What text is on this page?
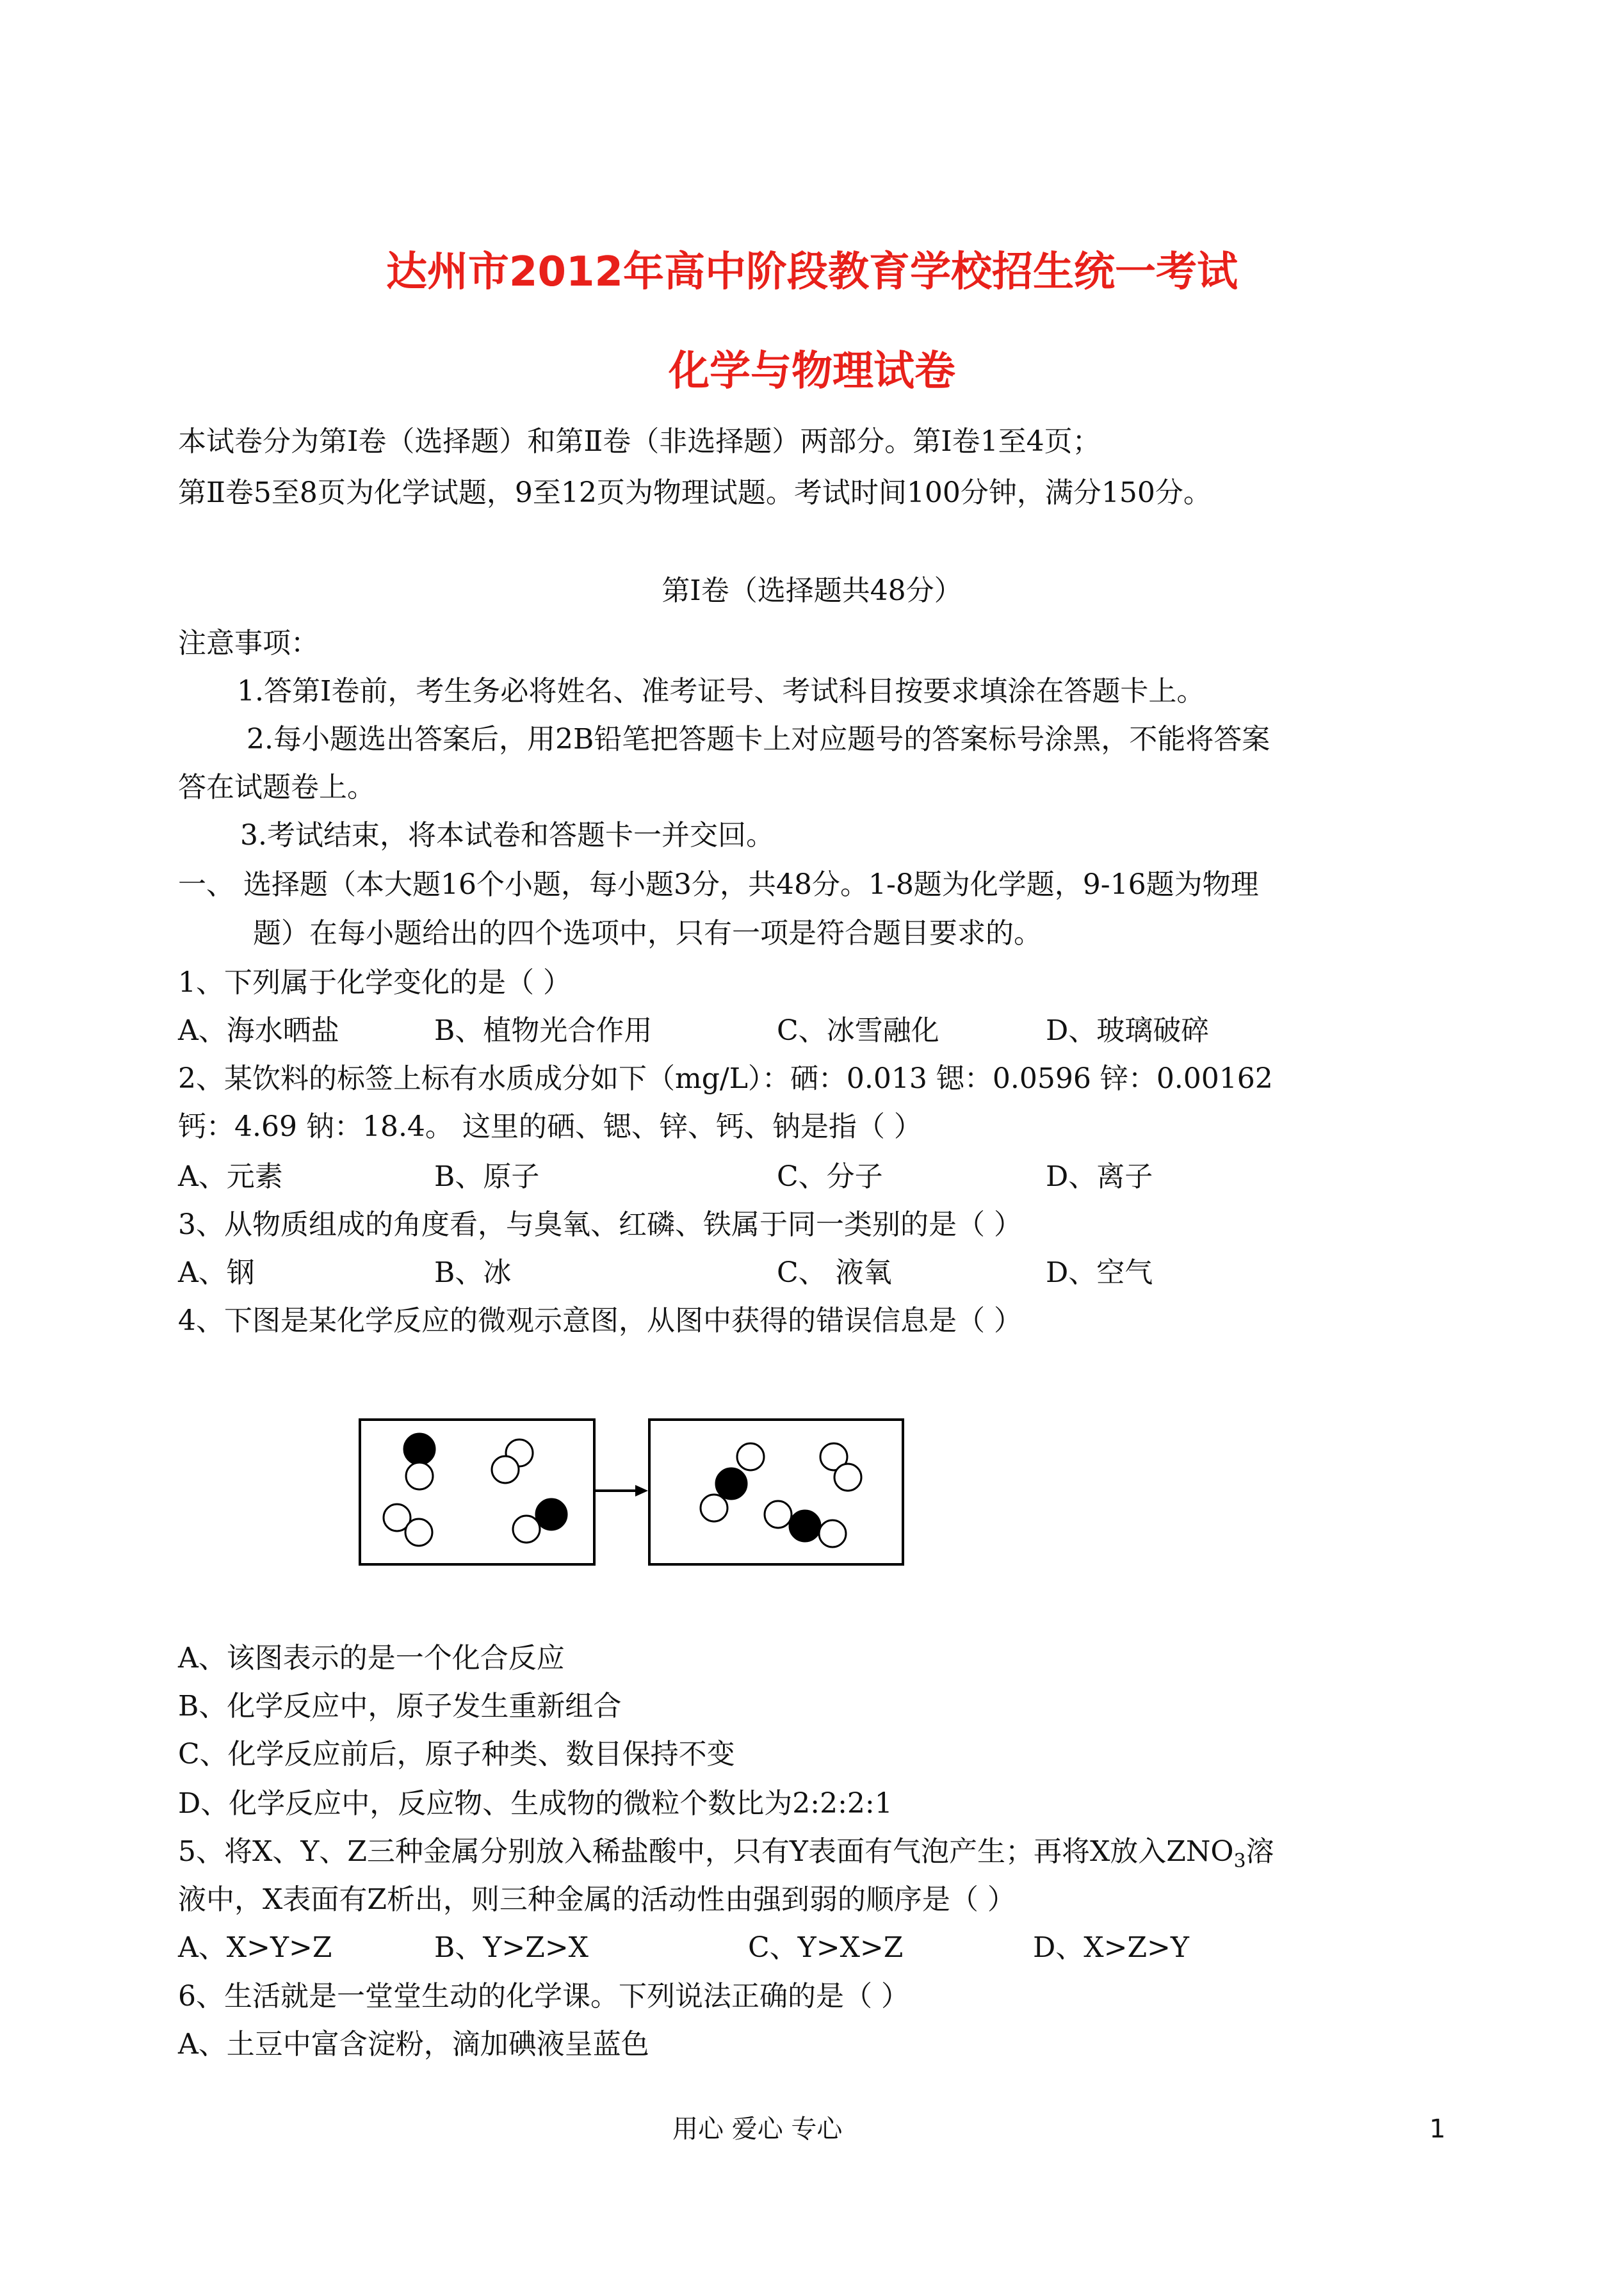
达州市2012年高中阶段教育学校招生统一考试
化学与物理试卷
本试卷分为第Ⅰ卷（选择题）和第Ⅱ卷（非选择题）两部分。第Ⅰ卷1至4页；
第Ⅱ卷5至8页为化学试题，9至12页为物理试题。考试时间100分钟，满分150分。
第Ⅰ卷（选择题共48分）
注意事项：
1.答第Ⅰ卷前，考生务必将姓名、准考证号、考试科目按要求填涂在答题卡上。
2.每小题选出答案后，用2B铅笔把答题卡上对应题号的答案标号涂黑，不能将答案
答在试题卷上。
3.考试结束，将本试卷和答题卡一并交回。
一、 选择题（本大题16个小题，每小题3分，共48分。1-8题为化学题，9-16题为物理
题）在每小题给出的四个选项中，只有一项是符合题目要求的。
1、下列属于化学变化的是（ ）
A、海水晒盐	B、植物光合作用	C、冰雪融化	D、玻璃破碎
2、某饮料的标签上标有水质成分如下（mg/L）：硒：0.013 锶：0.0596 锌：0.00162
钙：4.69 钠：18.4。 这里的硒、锶、锌、钙、钠是指（ ）
A、元素	B、原子	C、分子	D、离子
3、从物质组成的角度看，与臭氧、红磷、铁属于同一类别的是（ ）
A、钢	B、冰	C、 液氧	D、空气
4、下图是某化学反应的微观示意图，从图中获得的错误信息是（ ）
A、该图表示的是一个化合反应
B、化学反应中，原子发生重新组合
C、化学反应前后，原子种类、数目保持不变
D、化学反应中，反应物、生成物的微粒个数比为2:2:2:1
5、将X、Y、Z三种金属分别放入稀盐酸中，只有Y表面有气泡产生；再将X放入$ZNO_3$溶
液中，X表面有Z析出，则三种金属的活动性由强到弱的顺序是（ ）
A、X>Y>Z	B、Y>Z>X	C、Y>X>Z	D、X>Z>Y
6、生活就是一堂堂生动的化学课。下列说法正确的是（ ）
A、土豆中富含淀粉，滴加碘液呈蓝色
用心 爱心 专心	1
